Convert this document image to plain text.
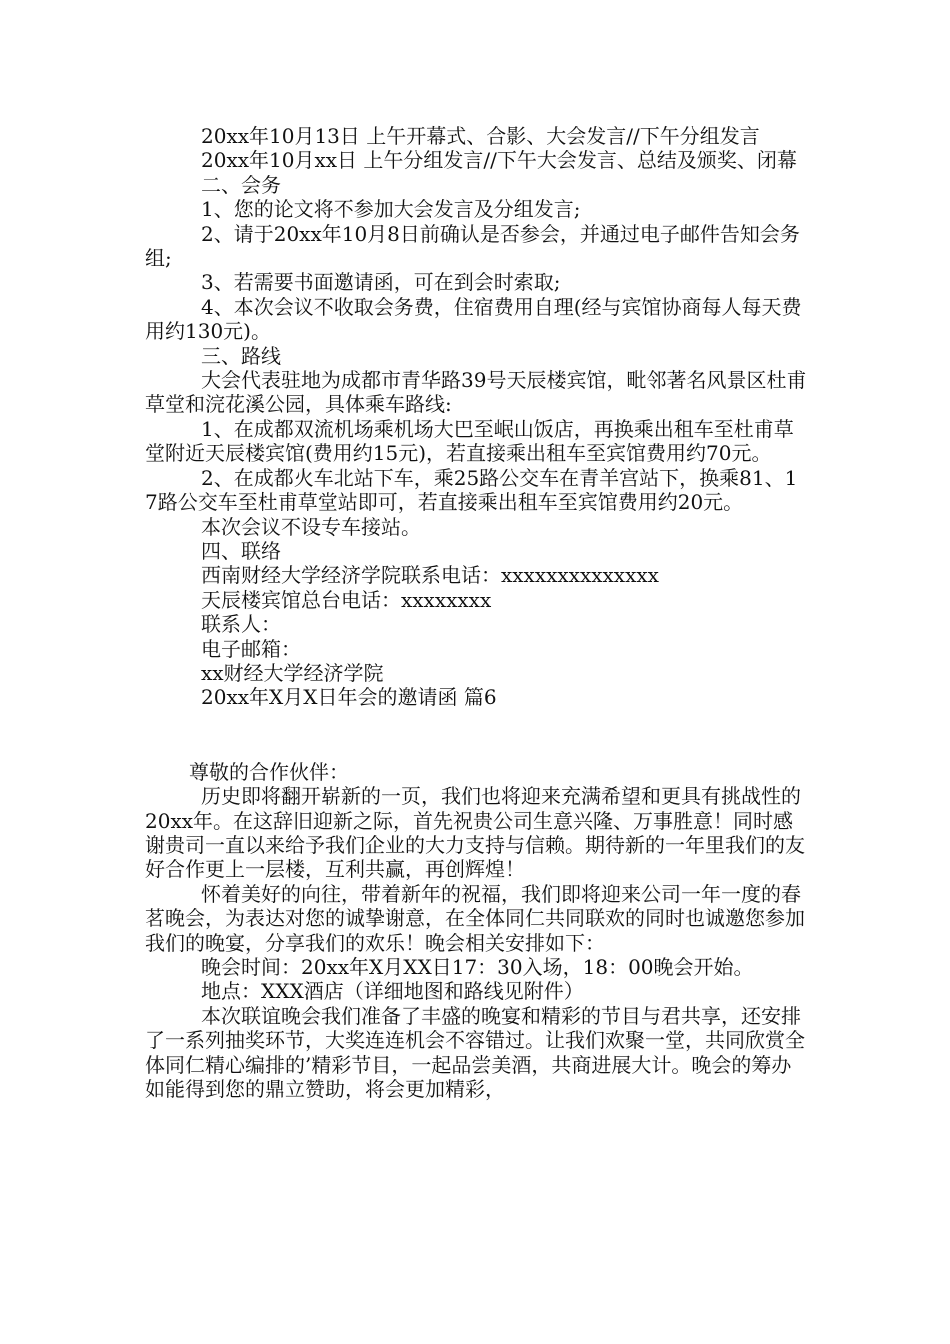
20xx年10月13日 上午开幕式、合影、大会发言//下午分组发言

20xx年10月xx日 上午分组发言//下午大会发言、总结及颁奖、闭幕

二、会务

1、您的论文将不参加大会发言及分组发言;

2、请于20xx年10月8日前确认是否参会，并通过电子邮件告知会务组;

3、若需要书面邀请函，可在到会时索取;

4、本次会议不收取会务费，住宿费用自理(经与宾馆协商每人每天费用约130元)。

三、路线

大会代表驻地为成都市青华路39号天辰楼宾馆，毗邻著名风景区杜甫草堂和浣花溪公园，具体乘车路线:

1、在成都双流机场乘机场大巴至岷山饭店，再换乘出租车至杜甫草堂附近天辰楼宾馆(费用约15元)，若直接乘出租车至宾馆费用约70元。

2、在成都火车北站下车，乘25路公交车在青羊宫站下，换乘81、17路公交车至杜甫草堂站即可，若直接乘出租车至宾馆费用约20元。

本次会议不设专车接站。

四、联络

西南财经大学经济学院联系电话：xxxxxxxxxxxxxx

天辰楼宾馆总台电话：xxxxxxxx

联系人：

电子邮箱：

xx财经大学经济学院

20xx年X月X日年会的邀请函 篇6

尊敬的合作伙伴：

历史即将翻开崭新的一页，我们也将迎来充满希望和更具有挑战性的20xx年。在这辞旧迎新之际，首先祝贵公司生意兴隆、万事胜意！同时感谢贵司一直以来给予我们企业的大力支持与信赖。期待新的一年里我们的友好合作更上一层楼，互利共赢，再创辉煌！

怀着美好的向往，带着新年的祝福，我们即将迎来公司一年一度的春茗晚会，为表达对您的诚挚谢意，在全体同仁共同联欢的同时也诚邀您参加我们的晚宴，分享我们的欢乐！晚会相关安排如下：

晚会时间：20xx年X月XX日17：30入场，18：00晚会开始。

地点：XXX酒店（详细地图和路线见附件）

本次联谊晚会我们准备了丰盛的晚宴和精彩的节目与君共享，还安排了一系列抽奖环节，大奖连连机会不容错过。让我们欢聚一堂，共同欣赏全体同仁精心编排的’精彩节目，一起品尝美酒，共商进展大计。晚会的筹办如能得到您的鼎立赞助，将会更加精彩，
